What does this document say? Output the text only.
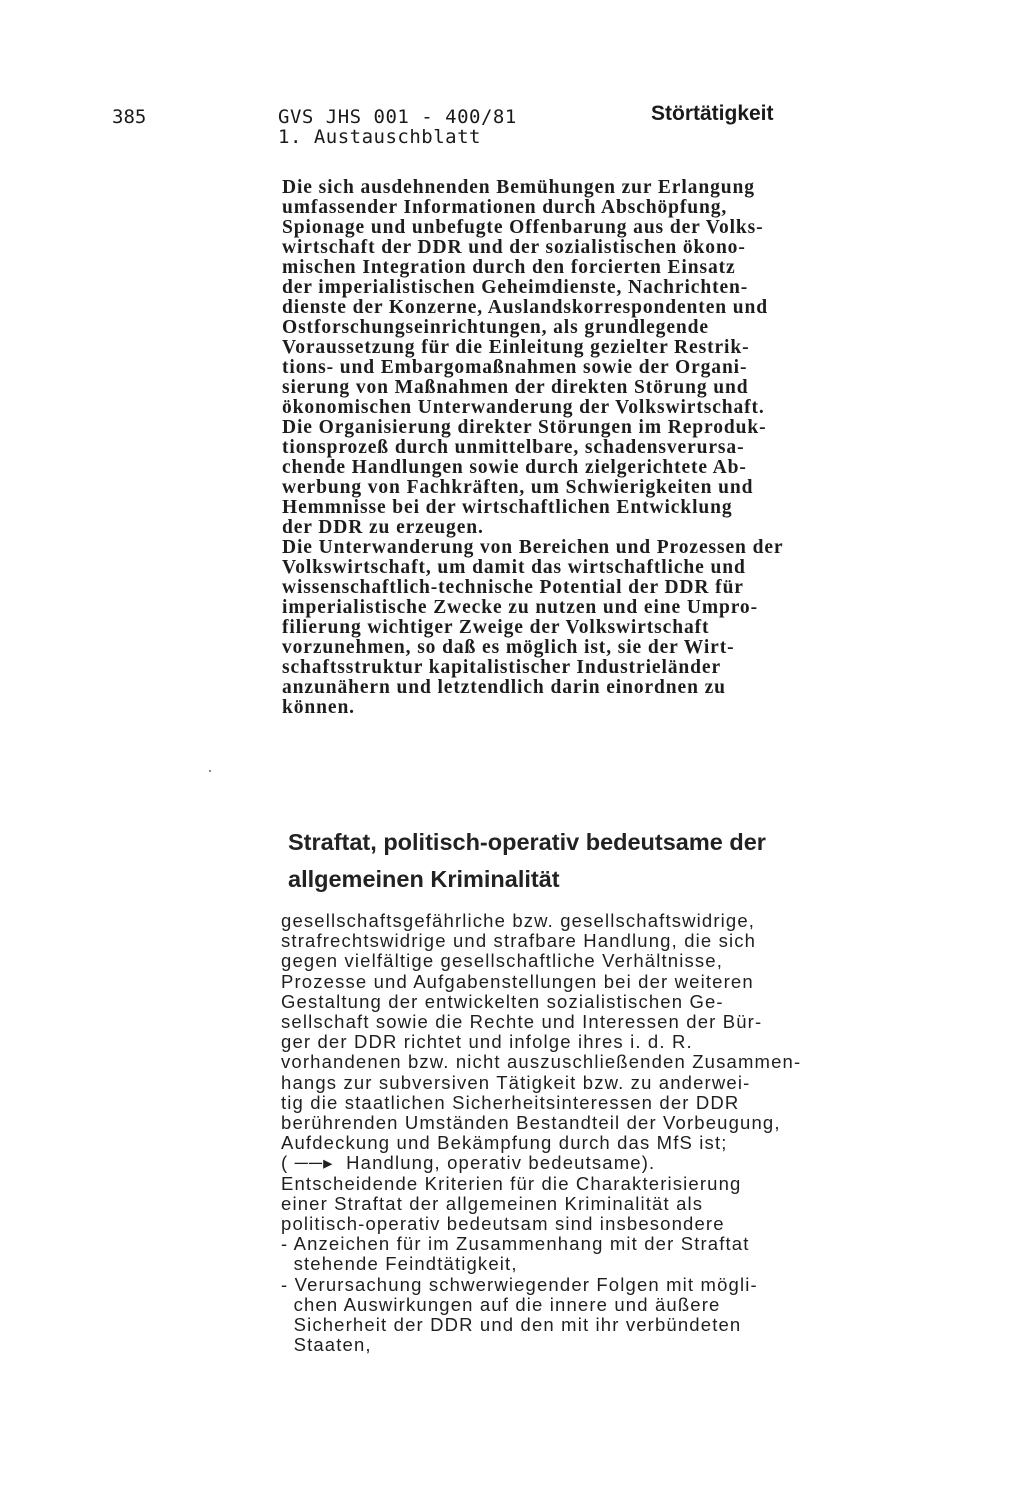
385	GVS JHS 001 - 400/81
1. Austauschblatt
Störtätigkeit
Die sich ausdehnenden Bemühungen zur Erlangung
umfassender Informationen durch Abschöpfung,
Spionage und unbefugte Offenbarung aus der Volks-
wirtschaft der DDR und der sozialistischen ökono-
mischen Integration durch den forcierten Einsatz
der imperialistischen Geheimdienste, Nachrichten-
dienste der Konzerne, Auslandskorrespondenten und
Ostforschungseinrichtungen, als grundlegende
Voraussetzung für die Einleitung gezielter Restrik-
tions- und Embargomaßnahmen sowie der Organi-
sierung von Maßnahmen der direkten Störung und
ökonomischen Unterwanderung der Volkswirtschaft.
Die Organisierung direkter Störungen im Reproduk-
tionsprozeß durch unmittelbare, schadensverursa-
chende Handlungen sowie durch zielgerichtete Ab-
werbung von Fachkräften, um Schwierigkeiten und
Hemmnisse bei der wirtschaftlichen Entwicklung
der DDR zu erzeugen.
Die Unterwanderung von Bereichen und Prozessen der
Volkswirtschaft, um damit das wirtschaftliche und
wissenschaftlich-technische Potential der DDR für
imperialistische Zwecke zu nutzen und eine Umpro-
filierung wichtiger Zweige der Volkswirtschaft
vorzunehmen, so daß es möglich ist, sie der Wirt-
schaftsstruktur kapitalistischer Industrieländer
anzunähern und letztendlich darin einordnen zu
können.
Straftat, politisch-operativ bedeutsame der
allgemeinen Kriminalität
gesellschaftsgefährliche bzw. gesellschaftswidrige,
strafrechtswidrige und strafbare Handlung, die sich
gegen vielfältige gesellschaftliche Verhältnisse,
Prozesse und Aufgabenstellungen bei der weiteren
Gestaltung der entwickelten sozialistischen Ge-
sellschaft sowie die Rechte und Interessen der Bür-
ger der DDR richtet und infolge ihres i. d. R.
vorhandenen bzw. nicht auszuschließenden Zusammen-
hangs zur subversiven Tätigkeit bzw. zu anderwei-
tig die staatlichen Sicherheitsinteressen der DDR
berührenden Umständen Bestandteil der Vorbeugung,
Aufdeckung und Bekämpfung durch das MfS ist;
( ──▸  Handlung, operativ bedeutsame).
Entscheidende Kriterien für die Charakterisierung
einer Straftat der allgemeinen Kriminalität als
politisch-operativ bedeutsam sind insbesondere
- Anzeichen für im Zusammenhang mit der Straftat
stehende Feindtätigkeit,
- Verursachung schwerwiegender Folgen mit mögli-
chen Auswirkungen auf die innere und äußere
Sicherheit der DDR und den mit ihr verbündeten
Staaten,
